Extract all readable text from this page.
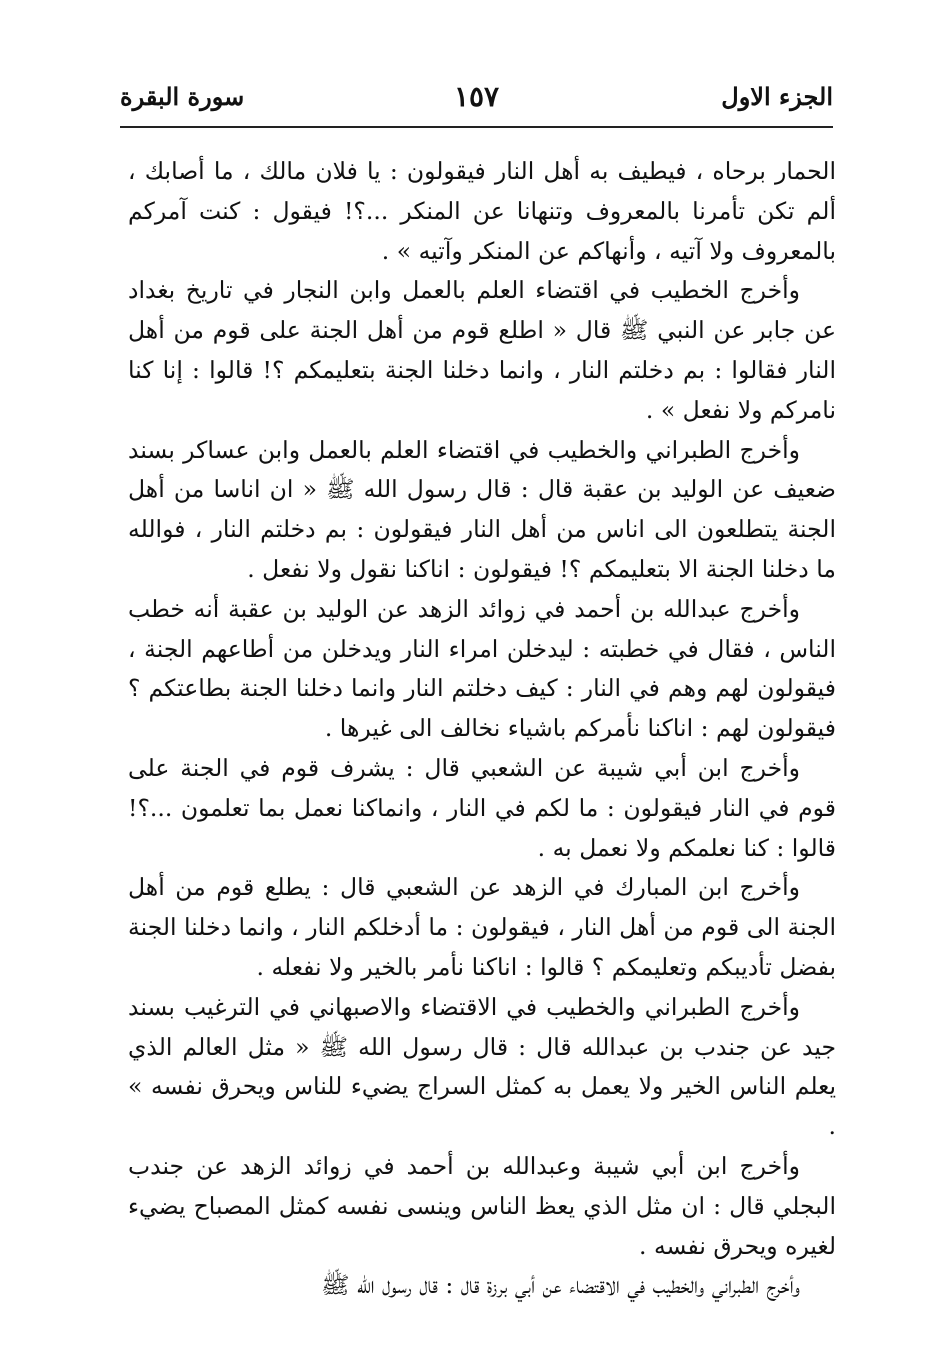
الجزء الاول
١٥٧
سورة البقرة

الحمار برحاه ، فيطيف به أهل النار فيقولون : يا فلان مالك ، ما أصابك ، ألم تكن تأمرنا بالمعروف وتنهانا عن المنكر ...؟! فيقول : كنت آمركم بالمعروف ولا آتيه ، وأنهاكم عن المنكر وآتيه » .

وأخرج الخطيب في اقتضاء العلم بالعمل وابن النجار في تاريخ بغداد عن جابر عن النبي ﷺ قال « اطلع قوم من أهل الجنة على قوم من أهل النار فقالوا : بم دخلتم النار ، وانما دخلنا الجنة بتعليمكم ؟! قالوا : إنا كنا نامركم ولا نفعل » .

وأخرج الطبراني والخطيب في اقتضاء العلم بالعمل وابن عساكر بسند ضعيف عن الوليد بن عقبة قال : قال رسول الله ﷺ « ان اناسا من أهل الجنة يتطلعون الى اناس من أهل النار فيقولون : بم دخلتم النار ، فوالله ما دخلنا الجنة الا بتعليمكم ؟! فيقولون : اناكنا نقول ولا نفعل .

وأخرج عبدالله بن أحمد في زوائد الزهد عن الوليد بن عقبة أنه خطب الناس ، فقال في خطبته : ليدخلن امراء النار ويدخلن من أطاعهم الجنة ، فيقولون لهم وهم في النار : كيف دخلتم النار وانما دخلنا الجنة بطاعتكم ؟ فيقولون لهم : اناكنا نأمركم باشياء نخالف الى غيرها .

وأخرج ابن أبي شيبة عن الشعبي قال : يشرف قوم في الجنة على قوم في النار فيقولون : ما لكم في النار ، وانماكنا نعمل بما تعلمون ...؟! قالوا : كنا نعلمكم ولا نعمل به .

وأخرج ابن المبارك في الزهد عن الشعبي قال : يطلع قوم من أهل الجنة الى قوم من أهل النار ، فيقولون : ما أدخلكم النار ، وانما دخلنا الجنة بفضل تأديبكم وتعليمكم ؟ قالوا : اناكنا نأمر بالخير ولا نفعله .

وأخرج الطبراني والخطيب في الاقتضاء والاصبهاني في الترغيب بسند جيد عن جندب بن عبدالله قال : قال رسول الله ﷺ « مثل العالم الذي يعلم الناس الخير ولا يعمل به كمثل السراج يضيء للناس ويحرق نفسه » .

وأخرج ابن أبي شيبة وعبدالله بن أحمد في زوائد الزهد عن جندب البجلي قال : ان مثل الذي يعظ الناس وينسى نفسه كمثل المصباح يضيء لغيره ويحرق نفسه .

وأخرج الطبراني والخطيب في الاقتضاء عن أبي برزة قال : قال رسول الله ﷺ
